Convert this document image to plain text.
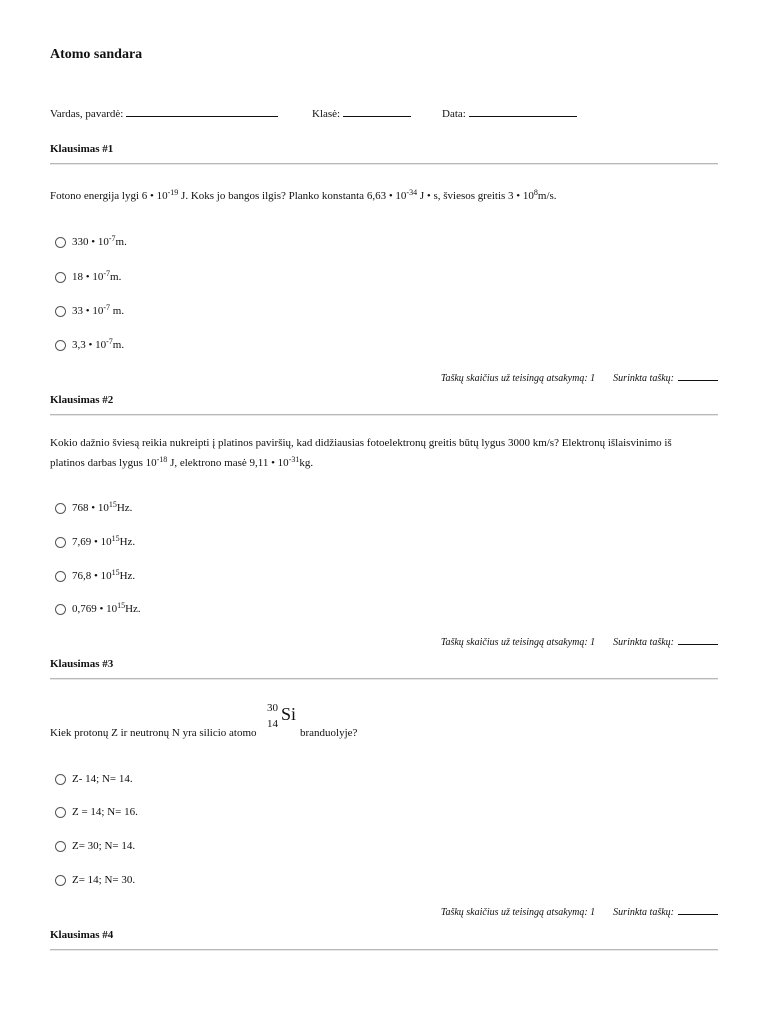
Atomo sandara
Vardas, pavardė:	Klasė:	Data:
Klausimas #1
Fotono energija lygi 6 • $10^{-19}$ J. Koks jo bangos ilgis? Planko konstanta 6,63 • $10^{-34}$ J • s, šviesos greitis 3 • $10^8m/s$.
330 • $10^{-7}m$.
18 • $10^{-7}m$.
33 • $10^{-7}$ m.
3,3 • $10^{-7}m$.
Taškų skaičius už teisingą atsakymą: 1 Surinkta taškų:
Klausimas #2
Kokio dažnio šviesą reikia nukreipti į platinos paviršių, kad didžiausias fotoelektronų greitis būtų lygus 3000 km/s? Elektronų išlaisvinimo iš
platinos darbas lygus $10^{-18}$ J, elektrono masė 9,11 • $10^{-31}kg$.
768 • $10^{15}Hz$.
7,69 • $10^{15}Hz$.
76,8 • $10^{15}Hz$.
0,769 • $10^{15}Hz$.
Taškų skaičius už teisingą atsakymą: 1 Surinkta taškų:
Klausimas #3
Kiek protonų Z ir neutronų N yra silicio atomo
30
14 Si
branduolyje?
Z- 14; N= 14.
Z = 14; N= 16.
Z= 30; N= 14.
Z= 14; N= 30.
Taškų skaičius už teisingą atsakymą: 1 Surinkta taškų:
Klausimas #4
